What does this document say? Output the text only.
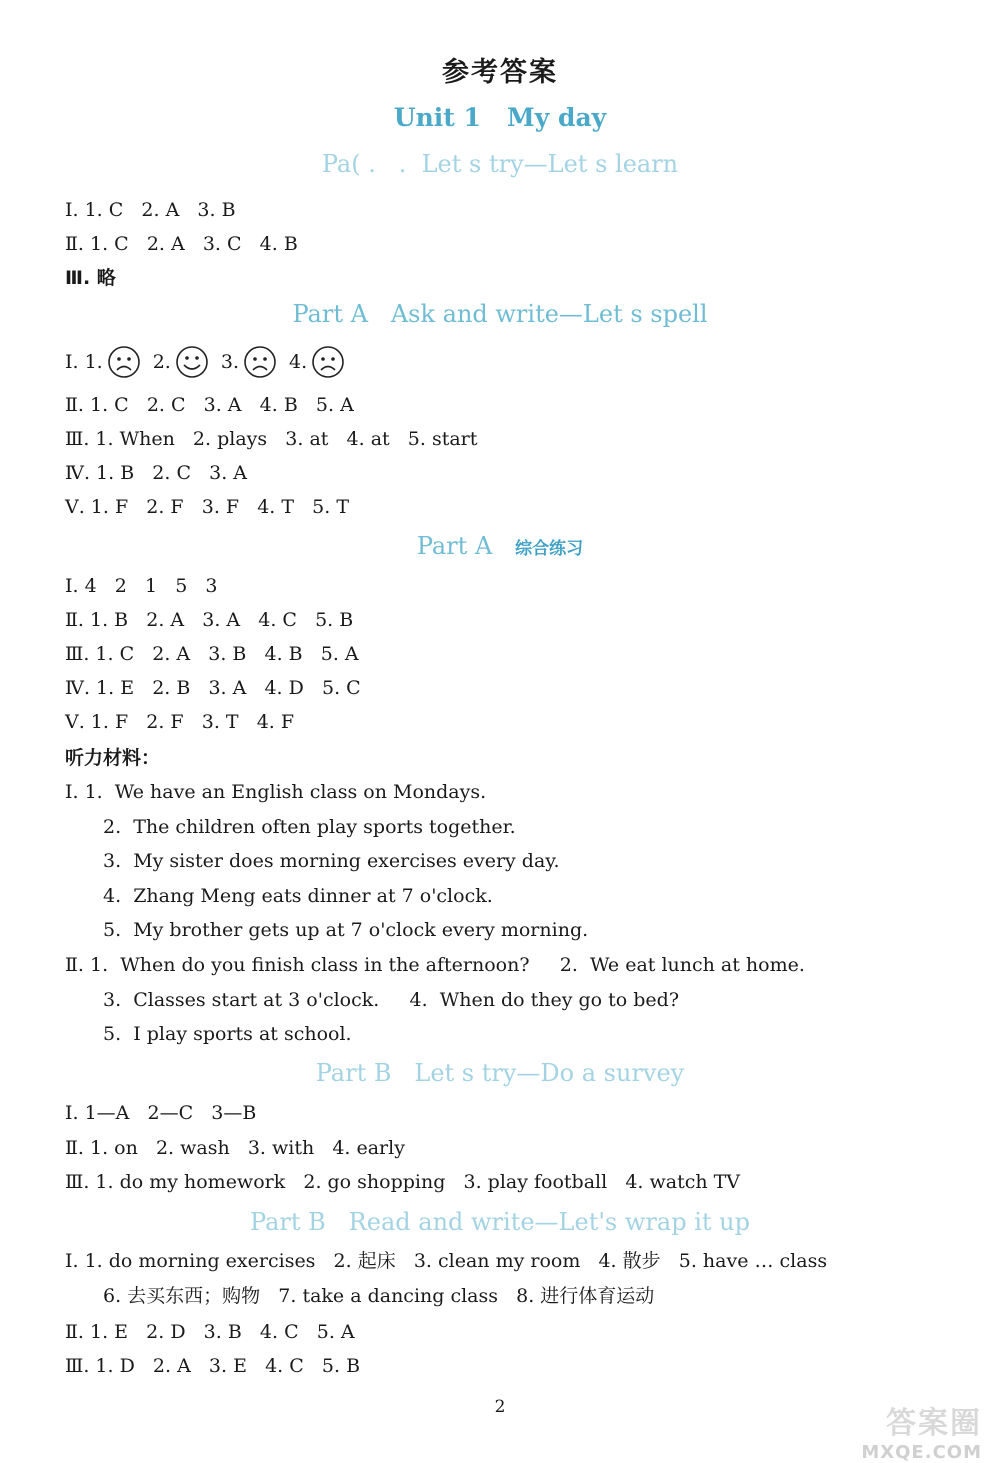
参考答案
Unit 1   My day
Pa( .   .  Let s try—Let s learn
Ⅰ. 1. C   2. A   3. B
Ⅱ. 1. C   2. A   3. C   4. B
Ⅲ. 略
Part A   Ask and write—Let s spell
Ⅰ. 1.	2.	3.	4.
Ⅱ. 1. C   2. C   3. A   4. B   5. A
Ⅲ. 1. When   2. plays   3. at   4. at   5. start
Ⅳ. 1. B   2. C   3. A
Ⅴ. 1. F   2. F   3. F   4. T   5. T
Part A   综合练习
Ⅰ. 4   2   1   5   3
Ⅱ. 1. B   2. A   3. A   4. C   5. B
Ⅲ. 1. C   2. A   3. B   4. B   5. A
Ⅳ. 1. E   2. B   3. A   4. D   5. C
Ⅴ. 1. F   2. F   3. T   4. F
听力材料：
Ⅰ. 1.  We have an English class on Mondays.
2.  The children often play sports together.
3.  My sister does morning exercises every day.
4.  Zhang Meng eats dinner at 7 o'clock.
5.  My brother gets up at 7 o'clock every morning.
Ⅱ. 1.  When do you finish class in the afternoon?     2.  We eat lunch at home.
3.  Classes start at 3 o'clock.     4.  When do they go to bed?
5.  I play sports at school.
Part B   Let s try—Do a survey
Ⅰ. 1—A   2—C   3—B
Ⅱ. 1. on   2. wash   3. with   4. early
Ⅲ. 1. do my homework   2. go shopping   3. play football   4. watch TV
Part B   Read and write—Let's wrap it up
Ⅰ. 1. do morning exercises   2. 起床   3. clean my room   4. 散步   5. have … class
6. 去买东西；购物   7. take a dancing class   8. 进行体育运动
Ⅱ. 1. E   2. D   3. B   4. C   5. A
Ⅲ. 1. D   2. A   3. E   4. C   5. B
2	答案圈
MXQE.COM
